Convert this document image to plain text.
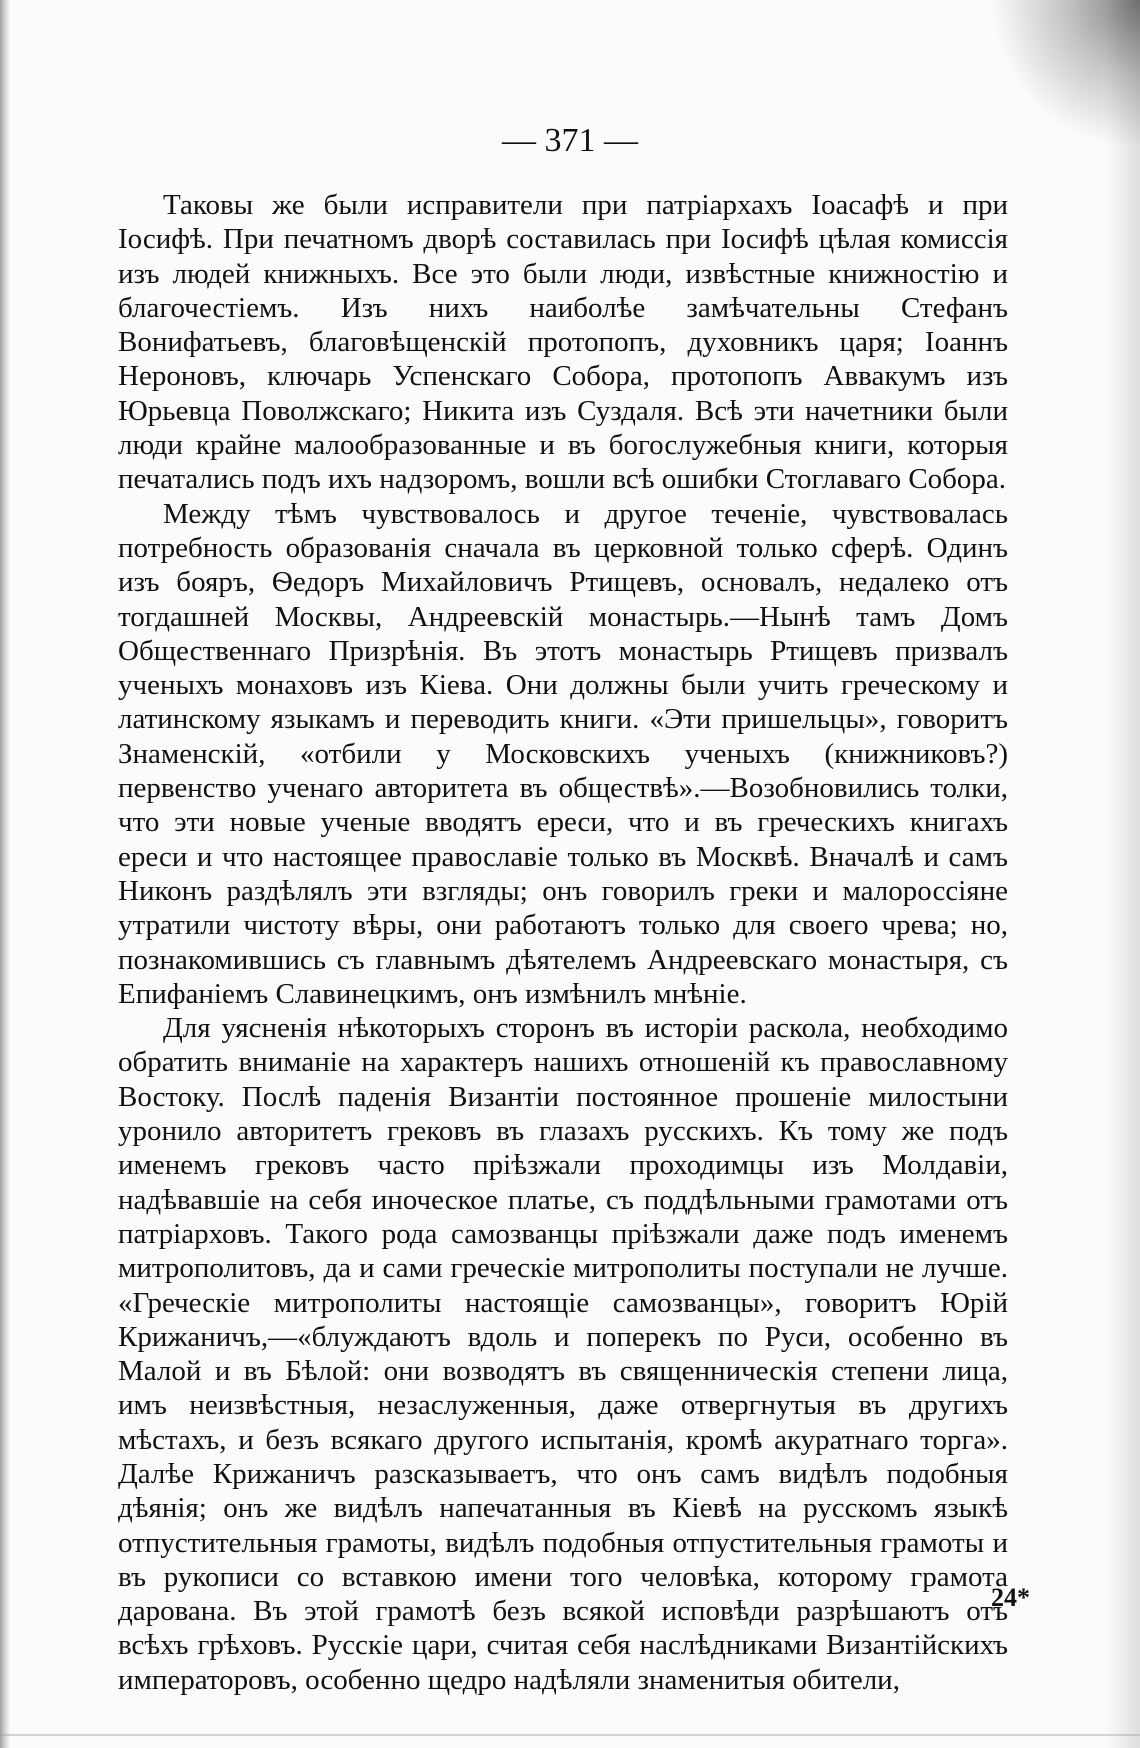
— 371 —

Таковы же были исправители при патріархахъ Іоасафѣ и при Іосифѣ. При печатномъ дворѣ составилась при Іосифѣ цѣлая комиссія изъ людей книжныхъ. Все это были люди, извѣстные книжностію и благочестіемъ. Изъ нихъ наиболѣе замѣчательны Стефанъ Вонифатьевъ, благовѣщенскій протопопъ, духовникъ царя; Іоаннъ Нероновъ, ключарь Успенскаго Собора, протопопъ Аввакумъ изъ Юрьевца Поволжскаго; Никита изъ Суздаля. Всѣ эти начетники были люди крайне малообразованные и въ богослужебныя книги, которыя печатались подъ ихъ надзоромъ, вошли всѣ ошибки Стоглаваго Собора.

Между тѣмъ чувствовалось и другое теченіе, чувствовалась потребность образованія сначала въ церковной только сферѣ. Одинъ изъ бояръ, Ѳедоръ Михайловичъ Ртищевъ, основалъ, недалеко отъ тогдашней Москвы, Андреевскій монастырь.—Нынѣ тамъ Домъ Общественнаго Призрѣнія. Въ этотъ монастырь Ртищевъ призвалъ ученыхъ монаховъ изъ Кіева. Они должны были учить греческому и латинскому языкамъ и переводить книги. «Эти пришельцы», говоритъ Знаменскій, «отбили у Московскихъ ученыхъ (книжниковъ?) первенство ученаго авторитета въ обществѣ».—Возобновились толки, что эти новые ученые вводятъ ереси, что и въ греческихъ книгахъ ереси и что настоящее православіе только въ Москвѣ. Вначалѣ и самъ Никонъ раздѣлялъ эти взгляды; онъ говорилъ греки и малороссіяне утратили чистоту вѣры, они работаютъ только для своего чрева; но, познакомившись съ главнымъ дѣятелемъ Андреевскаго монастыря, съ Епифаніемъ Славинецкимъ, онъ измѣнилъ мнѣніе.

Для уясненія нѣкоторыхъ сторонъ въ исторіи раскола, необходимо обратить вниманіе на характеръ нашихъ отношеній къ православному Востоку. Послѣ паденія Византіи постоянное прошеніе милостыни уронило авторитетъ грековъ въ глазахъ русскихъ. Къ тому же подъ именемъ грековъ часто пріѣзжали проходимцы изъ Молдавіи, надѣвавшіе на себя иноческое платье, съ поддѣльными грамотами отъ патріарховъ. Такого рода самозванцы пріѣзжали даже подъ именемъ митрополитовъ, да и сами греческіе митрополиты поступали не лучше. «Греческіе митрополиты настоящіе самозванцы», говоритъ Юрій Крижаничъ,—«блуждаютъ вдоль и поперекъ по Руси, особенно въ Малой и въ Бѣлой: они возводятъ въ священническія степени лица, имъ неизвѣстныя, незаслуженныя, даже отвергнутыя въ другихъ мѣстахъ, и безъ всякаго другого испытанія, кромѣ акуратнаго торга». Далѣе Крижаничъ разсказываетъ, что онъ самъ видѣлъ подобныя дѣянія; онъ же видѣлъ напечатанныя въ Кіевѣ на русскомъ языкѣ отпустительныя грамоты, видѣлъ подобныя отпустительныя грамоты и въ рукописи со вставкою имени того человѣка, которому грамота дарована. Въ этой грамотѣ безъ всякой исповѣди разрѣшаютъ отъ всѣхъ грѣховъ. Русскіе цари, считая себя наслѣдниками Византійскихъ императоровъ, особенно щедро надѣляли знаменитыя обители,

24*
